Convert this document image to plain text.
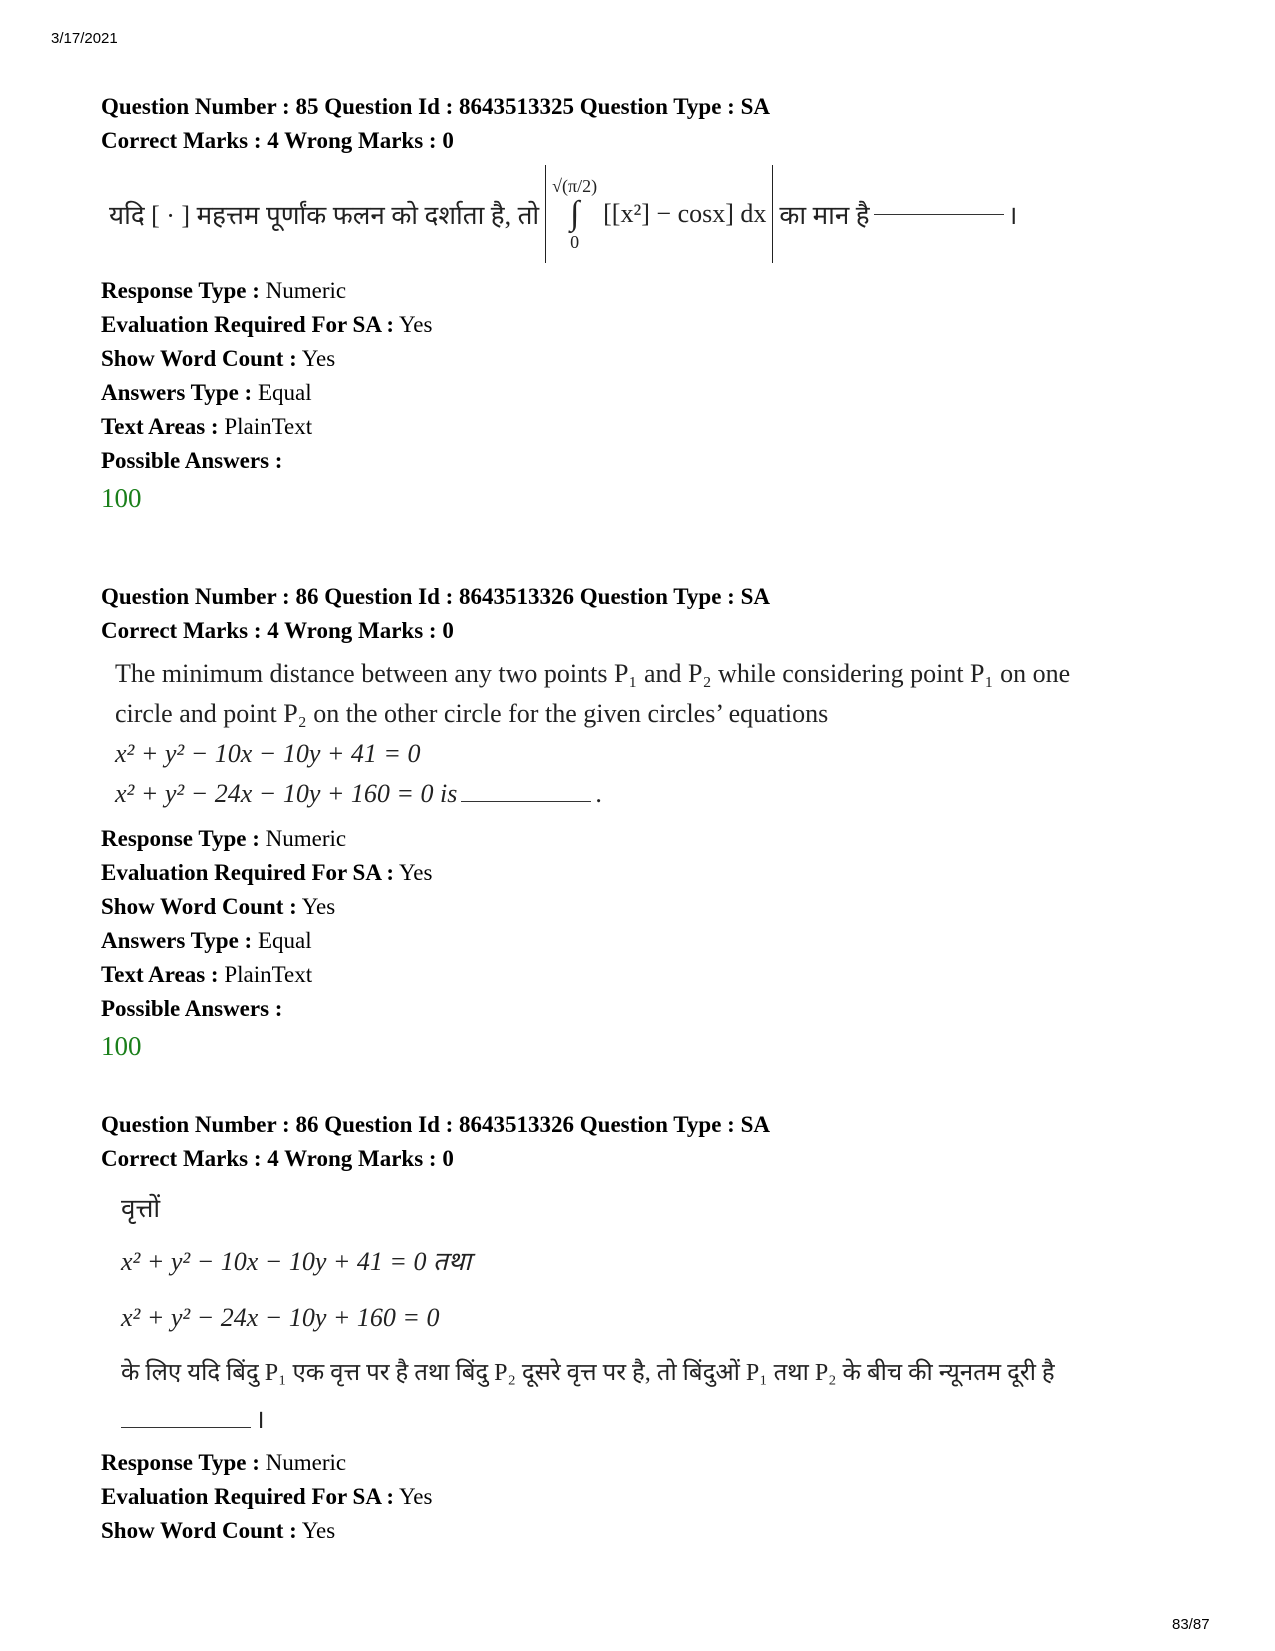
3/17/2021
Question Number : 85 Question Id : 8643513325 Question Type : SA
Correct Marks : 4 Wrong Marks : 0
यदि [ · ] महत्तम पूर्णांक फलन को दर्शाता है, तो
√(π/2)
∫
0
[[x²] − cosx] dx का मान है	।
Response Type : Numeric
Evaluation Required For SA : Yes
Show Word Count : Yes
Answers Type : Equal
Text Areas : PlainText
Possible Answers :
100
Question Number : 86 Question Id : 8643513326 Question Type : SA
Correct Marks : 4 Wrong Marks : 0
The minimum distance between any two points P₁ and P₂ while considering point P₁ on one
circle and point P₂ on the other circle for the given circles’ equations
x² + y² − 10x − 10y + 41 = 0
x² + y² − 24x − 10y + 160 = 0 is	.
Response Type : Numeric
Evaluation Required For SA : Yes
Show Word Count : Yes
Answers Type : Equal
Text Areas : PlainText
Possible Answers :
100
Question Number : 86 Question Id : 8643513326 Question Type : SA
Correct Marks : 4 Wrong Marks : 0
वृत्तों
x² + y² − 10x − 10y + 41 = 0 तथा
x² + y² − 24x − 10y + 160 = 0
के लिए यदि बिंदु P₁ एक वृत्त पर है तथा बिंदु P₂ दूसरे वृत्त पर है, तो बिंदुओं P₁ तथा P₂ के बीच की न्यूनतम दूरी है
।
Response Type : Numeric
Evaluation Required For SA : Yes
Show Word Count : Yes
83/87
